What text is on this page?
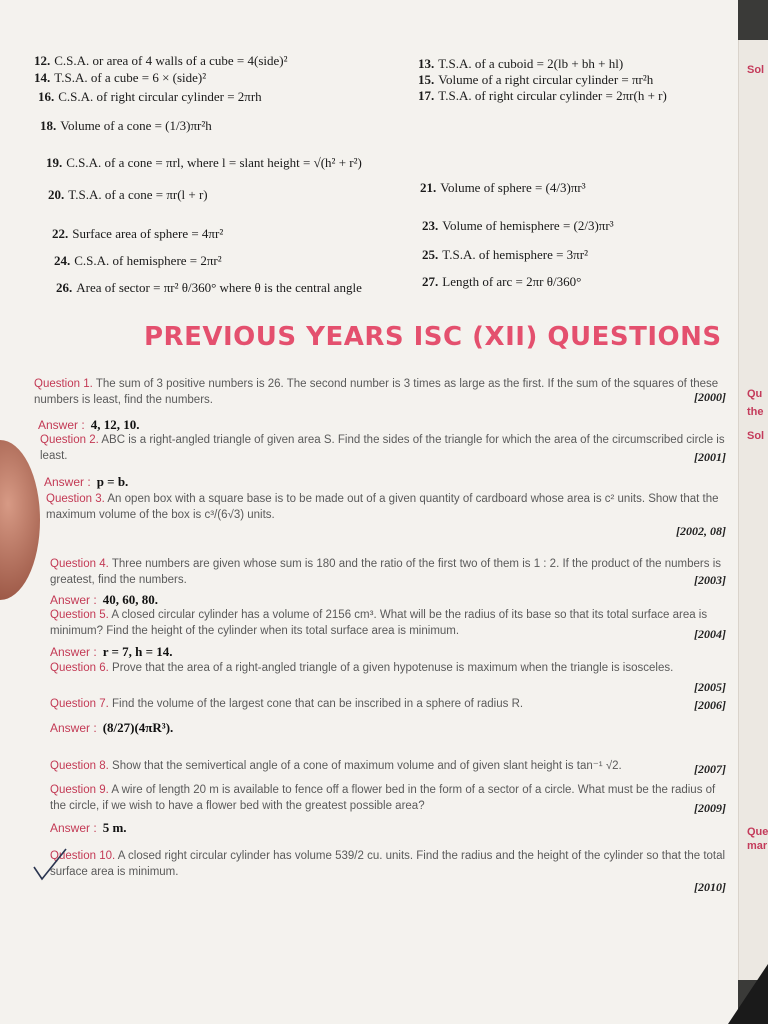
12. C.S.A. or area of 4 walls of a cube = 4(side)²	13. T.S.A. of a cuboid = 2(lb + bh + hl)
14. T.S.A. of a cube = 6 × (side)²	15. Volume of a right circular cylinder = πr²h
16. C.S.A. of right circular cylinder = 2πrh	17. T.S.A. of right circular cylinder = 2πr(h + r)
18. Volume of a cone = (1/3)πr²h
19. C.S.A. of a cone = πrl, where l = slant height = √(h² + r²)
20. T.S.A. of a cone = πr(l + r)	21. Volume of sphere = (4/3)πr³
22. Surface area of sphere = 4πr²
23. Volume of hemisphere = (2/3)πr³
24. C.S.A. of hemisphere = 2πr²	25. T.S.A. of hemisphere = 3πr²
26. Area of sector = πr² θ/360° where θ is the central angle	27. Length of arc = 2πr θ/360°
PREVIOUS YEARS ISC (XII) QUESTIONS
Question 1. The sum of 3 positive numbers is 26. The second number is 3 times as large as the first. If the sum of the squares of these numbers is least, find the numbers.	[2000]
Answer : 4, 12, 10.
Question 2. ABC is a right-angled triangle of given area S. Find the sides of the triangle for which the area of the circumscribed circle is least.	[2001]
Answer : p = b.
Question 3. An open box with a square base is to be made out of a given quantity of cardboard whose area is c² units. Show that the maximum volume of the box is c³/(6√3) units.
[2002, 08]
Question 4. Three numbers are given whose sum is 180 and the ratio of the first two of them is 1 : 2. If the product of the numbers is greatest, find the numbers.	[2003]
Answer : 40, 60, 80.
Question 5. A closed circular cylinder has a volume of 2156 cm³. What will be the radius of its base so that its total surface area is minimum? Find the height of the cylinder when its total surface area is minimum.	[2004]
Answer : r = 7, h = 14.
Question 6. Prove that the area of a right-angled triangle of a given hypotenuse is maximum when the triangle is isosceles.
[2005]
Question 7. Find the volume of the largest cone that can be inscribed in a sphere of radius R.	[2006]
Answer : (8/27)(4πR³).
Question 8. Show that the semivertical angle of a cone of maximum volume and of given slant height is tan⁻¹ √2.	[2007]
Question 9. A wire of length 20 m is available to fence off a flower bed in the form of a sector of a circle. What must be the radius of the circle, if we wish to have a flower bed with the greatest possible area?	[2009]
Answer : 5 m.
Question 10. A closed right circular cylinder has volume 539/2 cu. units. Find the radius and the height of the cylinder so that the total surface area is minimum.
[2010]
Sol
Qu
the
Sol
Que
mar
